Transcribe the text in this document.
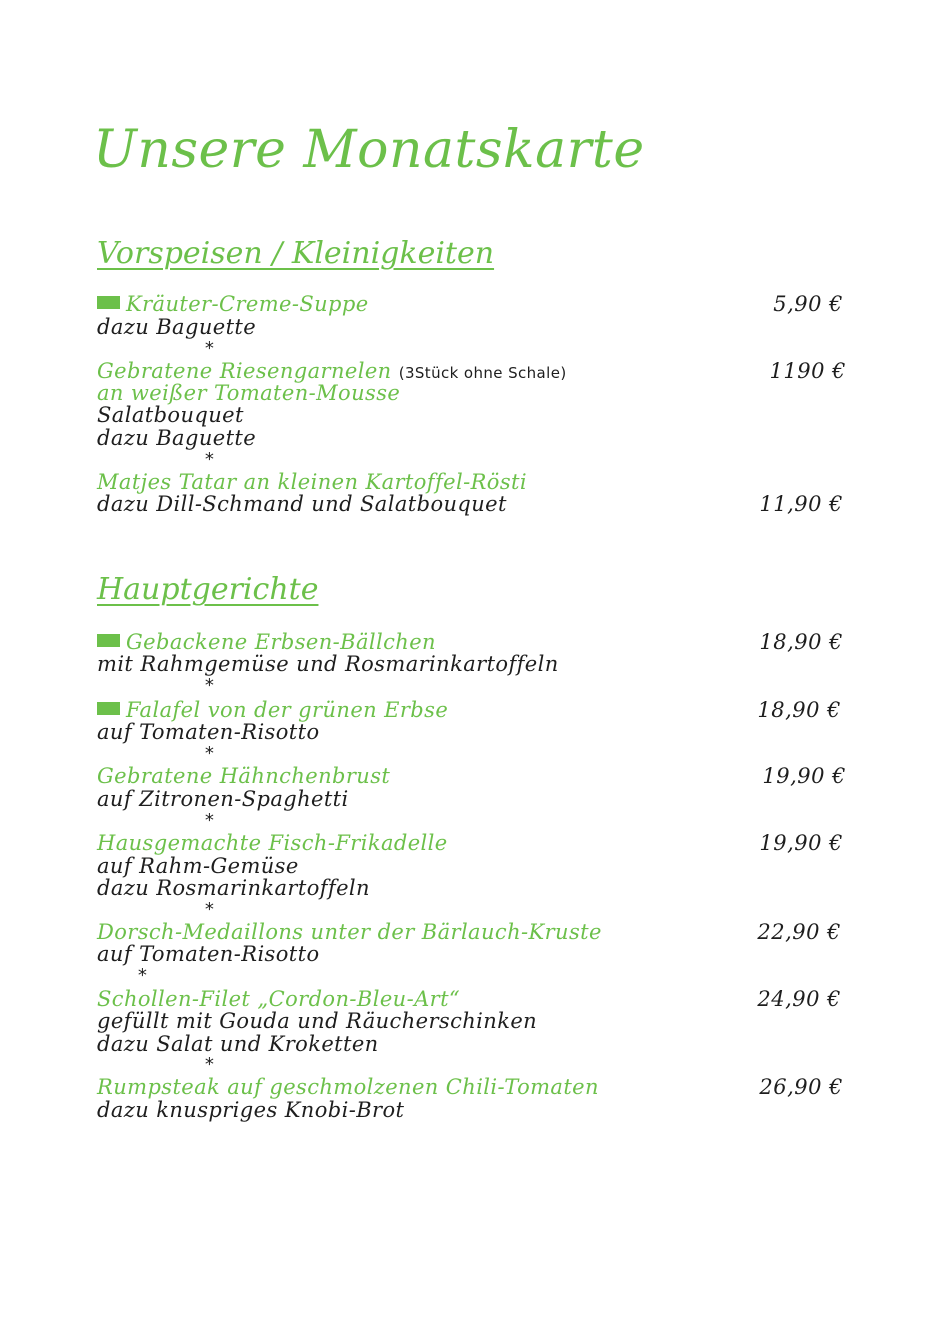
Unsere Monatskarte
Vorspeisen / Kleinigkeiten
Kräuter-Creme-Suppe	5,90 €
dazu Baguette
*
Gebratene Riesengarnelen (3Stück ohne Schale)	1190 €
an weißer Tomaten-Mousse
Salatbouquet
dazu Baguette
*
Matjes Tatar an kleinen Kartoffel-Rösti
dazu Dill-Schmand und Salatbouquet	11,90 €
Hauptgerichte
Gebackene Erbsen-Bällchen	18,90 €
mit Rahmgemüse und Rosmarinkartoffeln
*
Falafel von der grünen Erbse	18,90 €
auf Tomaten-Risotto
*
Gebratene Hähnchenbrust	19,90 €
auf Zitronen-Spaghetti
*
Hausgemachte Fisch-Frikadelle	19,90 €
auf Rahm-Gemüse
dazu Rosmarinkartoffeln
*
Dorsch-Medaillons unter der Bärlauch-Kruste	22,90 €
auf Tomaten-Risotto
*
Schollen-Filet „Cordon-Bleu-Art“	24,90 €
gefüllt mit Gouda und Räucherschinken
dazu Salat und Kroketten
*
Rumpsteak auf geschmolzenen Chili-Tomaten	26,90 €
dazu knuspriges Knobi-Brot
